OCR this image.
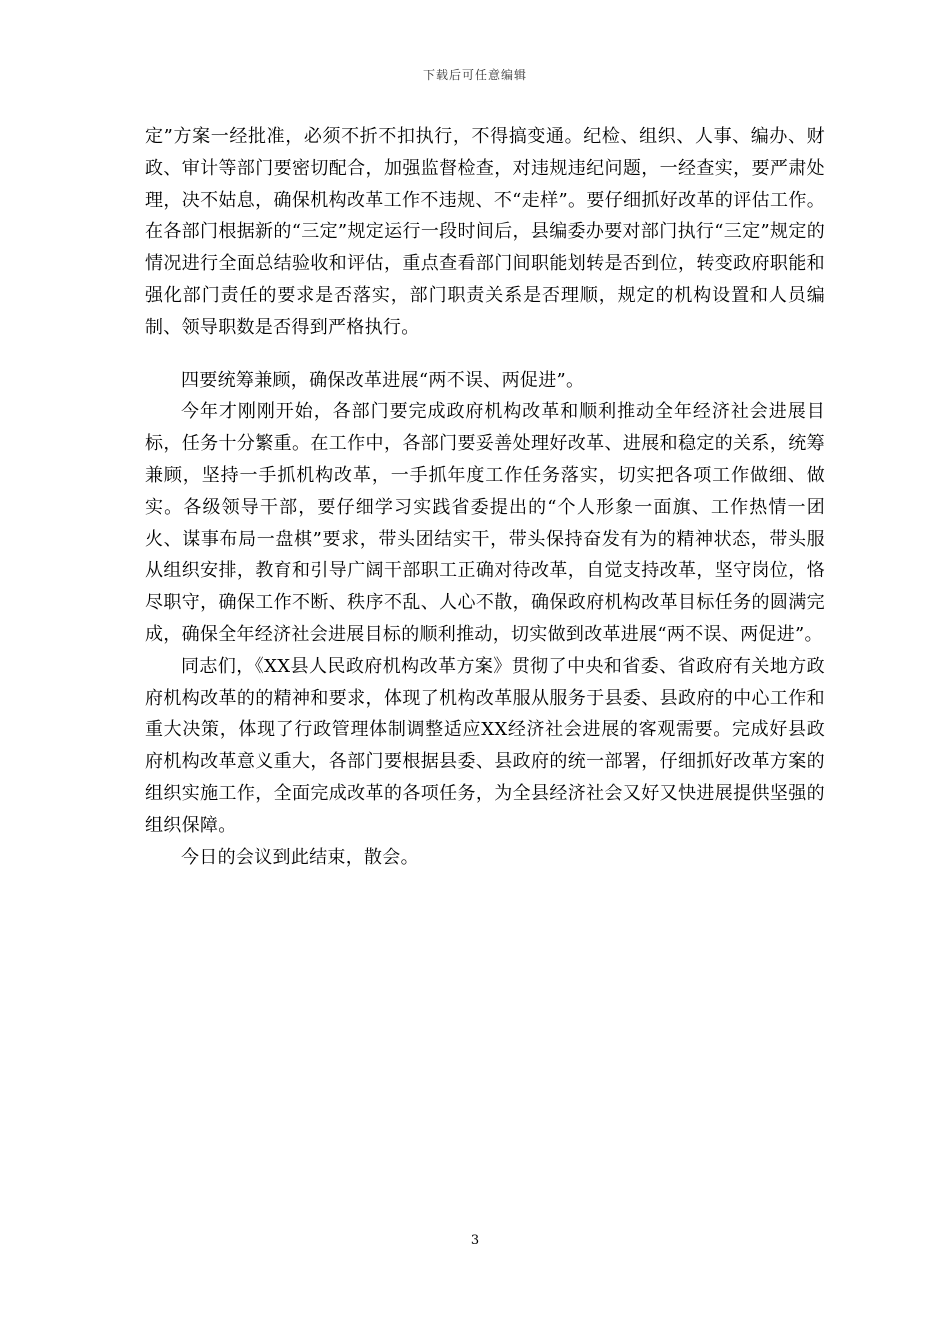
下载后可任意编辑

定”方案一经批准，必须不折不扣执行，不得搞变通。纪检、组织、人事、编办、财政、审计等部门要密切配合，加强监督检查，对违规违纪问题，一经查实，要严肃处理，决不姑息，确保机构改革工作不违规、不“走样”。要仔细抓好改革的评估工作。在各部门根据新的“三定”规定运行一段时间后，县编委办要对部门执行“三定”规定的情况进行全面总结验收和评估，重点查看部门间职能划转是否到位，转变政府职能和强化部门责任的要求是否落实，部门职责关系是否理顺，规定的机构设置和人员编制、领导职数是否得到严格执行。

四要统筹兼顾，确保改革进展“两不误、两促进”。

今年才刚刚开始，各部门要完成政府机构改革和顺利推动全年经济社会进展目标，任务十分繁重。在工作中，各部门要妥善处理好改革、进展和稳定的关系，统筹兼顾，坚持一手抓机构改革，一手抓年度工作任务落实，切实把各项工作做细、做实。各级领导干部，要仔细学习实践省委提出的“个人形象一面旗、工作热情一团火、谋事布局一盘棋”要求，带头团结实干，带头保持奋发有为的精神状态，带头服从组织安排，教育和引导广阔干部职工正确对待改革，自觉支持改革，坚守岗位，恪尽职守，确保工作不断、秩序不乱、人心不散，确保政府机构改革目标任务的圆满完成，确保全年经济社会进展目标的顺利推动，切实做到改革进展“两不误、两促进”。

同志们，《XX县人民政府机构改革方案》贯彻了中央和省委、省政府有关地方政府机构改革的的精神和要求，体现了机构改革服从服务于县委、县政府的中心工作和重大决策，体现了行政管理体制调整适应XX经济社会进展的客观需要。完成好县政府机构改革意义重大，各部门要根据县委、县政府的统一部署，仔细抓好改革方案的组织实施工作，全面完成改革的各项任务，为全县经济社会又好又快进展提供坚强的组织保障。

今日的会议到此结束，散会。

3
